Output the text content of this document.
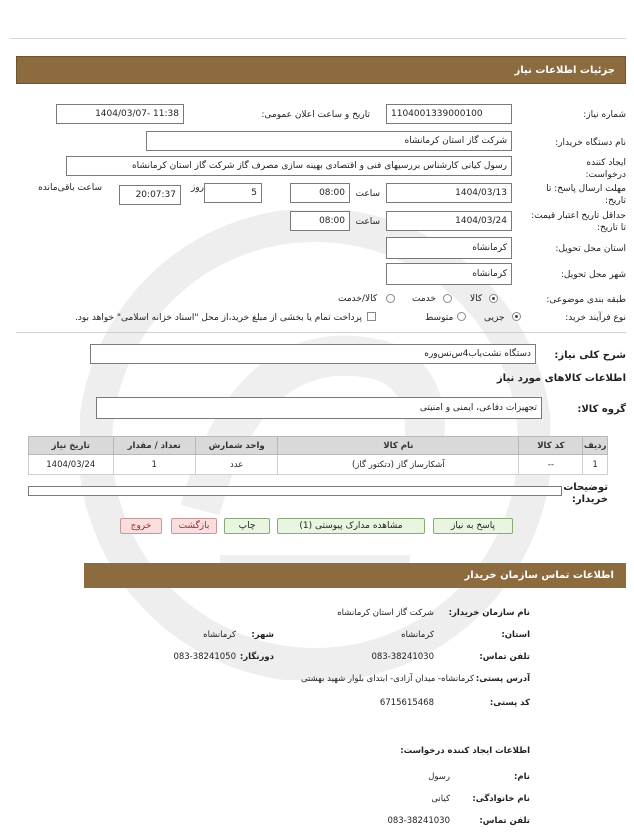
جزئیات اطلاعات نیاز
شماره نیاز:
1104001339000100
تاریخ و ساعت اعلان عمومی:
1404/03/07- 11:38
نام دستگاه خریدار:
شرکت گاز استان کرمانشاه
ایجاد کننده درخواست:
رسول کیانی کارشناس بررسیهای فنی و اقتصادی بهینه سازی مصرف گاز شرکت گاز استان کرمانشاه
مهلت ارسال پاسخ: تا تاریخ:
1404/03/13
ساعت
08:00
5
روز
20:07:37
ساعت باقی‌مانده
حداقل تاریخ اعتبار قیمت: تا تاریخ:
1404/03/24
ساعت
08:00
استان محل تحویل:
کرمانشاه
شهر محل تحویل:
کرمانشاه
طبقه بندی موضوعی:
کالا
خدمت
کالا/خدمت
نوع فرآیند خرید:
جزیی
متوسط
پرداخت تمام یا بخشی از مبلغ خرید،از محل "اسناد خزانه اسلامی" خواهد بود.
شرح کلی نیاز:
دستگاه نشت‌یاب4س‌نس‌وره
اطلاعات کالاهای مورد نیاز
گروه کالا:
تجهیزات دفاعی، ایمنی و امنیتی
ردیف	کد کالا	نام کالا	واحد شمارش	تعداد / مقدار	تاریخ نیاز
1	--	آشکارساز گاز (دتکتور گاز)	عدد	1	1404/03/24
توضیحات خریدار:
پاسخ به نیاز
مشاهده مدارک پیوستی (1)
چاپ
بازگشت
خروج
اطلاعات تماس سازمان خریدار
نام سازمان خریدار:
شرکت گاز استان کرمانشاه
استان:
کرمانشاه
شهر:
کرمانشاه
تلفن تماس:
083-38241030
دورنگار:
083-38241050
آدرس پستی:
کرمانشاه- میدان آزادی- ابتدای بلوار شهید بهشتی
کد پستی:
6715615468
اطلاعات ایجاد کننده درخواست:
نام:
رسول
نام خانوادگی:
کیانی
تلفن تماس:
083-38241030
